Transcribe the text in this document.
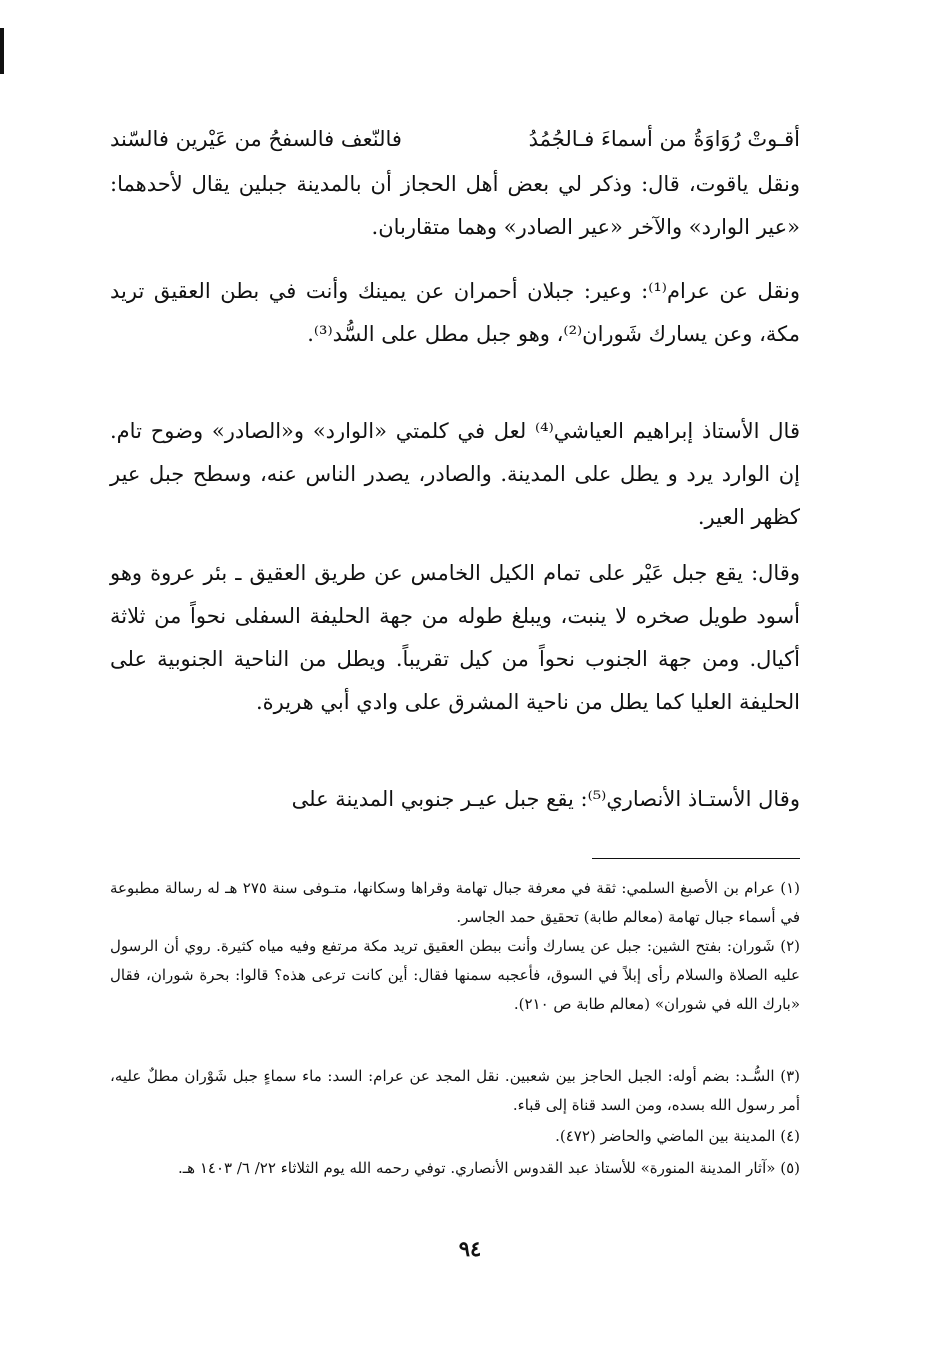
أقـوتْ رُوَاوَةُ من أسماءَ فـالجُمُدُ
فالنّعف فالسفحُ من عَيْرين فالسّند
ونقل ياقوت، قال: وذكر لي بعض أهل الحجاز أن بالمدينة جبلين يقال لأحدهما: «عير الوارد» والآخر «عير الصادر» وهما متقاربان.
ونقل عن عرام⁽¹⁾: وعير: جبلان أحمران عن يمينك وأنت في بطن العقيق تريد مكة، وعن يسارك شَوران⁽²⁾، وهو جبل مطل على السُّد⁽³⁾.
قال الأستاذ إبراهيم العياشي⁽⁴⁾ لعل في كلمتي «الوارد» و«الصادر» وضوح تام. إن الوارد يرد و يطل على المدينة. والصادر، يصدر الناس عنه، وسطح جبل عير كظهر العير.
وقال: يقع جبل عَيْر على تمام الكيل الخامس عن طريق العقيق ـ بئر عروة وهو أسود طويل صخره لا ينبت، ويبلغ طوله من جهة الحليفة السفلى نحواً من ثلاثة أكيال. ومن جهة الجنوب نحواً من كيل تقريباً. ويطل من الناحية الجنوبية على الحليفة العليا كما يطل من ناحية المشرق على وادي أبي هريرة.
وقال الأستـاذ الأنصاري⁽⁵⁾: يقع جبل عيـر جنوبي المدينة على
(١) عرام بن الأصبغ السلمي: ثقة في معرفة جبال تهامة وقراها وسكانها، متـوفى سنة ٢٧٥ هـ له رسالة مطبوعة في أسماء جبال تهامة (معالم طابة) تحقيق حمد الجاسر.
(٢) شَوران: بفتح الشين: جبل عن يسارك وأنت ببطن العقيق تريد مكة مرتفع وفيه مياه كثيرة. روي أن الرسول عليه الصلاة والسلام رأى إبلاً في السوق، فأعجبه سمنها فقال: أين كانت ترعى هذه؟ قالوا: بحرة شوران، فقال «بارك الله في شوران» (معالم طابة ص ٢١٠).
(٣) السُّـد: بضم أوله: الجبل الحاجز بين شعبين. نقل المجد عن عرام: السد: ماء سماءٍ جبل شَوْران مطلٌ عليه، أمر رسول الله بسده، ومن السد قناة إلى قباء.
(٤) المدينة بين الماضي والحاضر (٤٧٢).
(٥) «آثار المدينة المنورة» للأستاذ عبد القدوس الأنصاري. توفي رحمه الله يوم الثلاثاء ٢٢/ ٦/ ١٤٠٣ هـ.
٩٤
